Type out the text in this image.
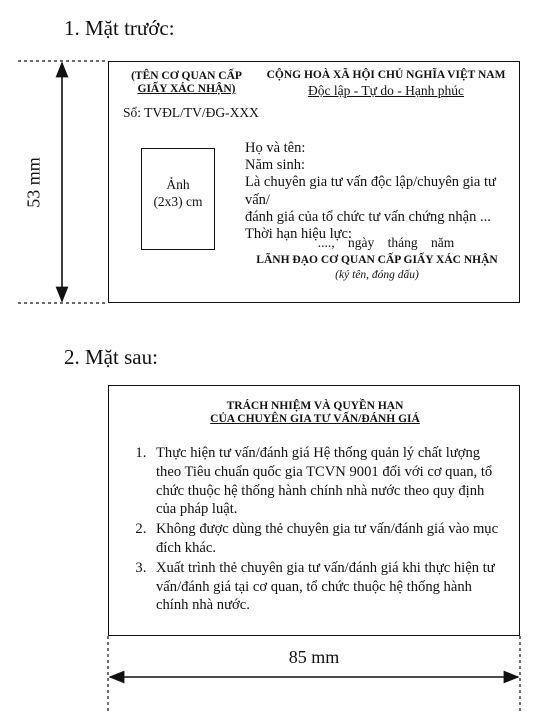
1. Mặt trước:
53 mm
(TÊN CƠ QUAN CẤP
GIẤY XÁC NHẬN)
CỘNG HOÀ XÃ HỘI CHỦ NGHĨA VIỆT NAM
Độc lập - Tự do - Hạnh phúc
Số: TVĐL/TV/ĐG-XXX
Ảnh
(2x3) cm
Họ và tên:
Năm sinh:
Là chuyên gia tư vấn độc lập/chuyên gia tư vấn/
đánh giá của tổ chức tư vấn chứng nhận ...
Thời hạn hiệu lực:
...., ngày tháng năm
LÃNH ĐẠO CƠ QUAN CẤP GIẤY XÁC NHẬN
(ký tên, đóng dấu)
2. Mặt sau:
TRÁCH NHIỆM VÀ QUYỀN HẠN
CỦA CHUYÊN GIA TƯ VẤN/ĐÁNH GIÁ
1. Thực hiện tư vấn/đánh giá Hệ thống quản lý chất lượng theo Tiêu chuẩn quốc gia TCVN 9001 đối với cơ quan, tổ chức thuộc hệ thống hành chính nhà nước theo quy định của pháp luật.
2. Không được dùng thẻ chuyên gia tư vấn/đánh giá vào mục đích khác.
3. Xuất trình thẻ chuyên gia tư vấn/đánh giá khi thực hiện tư vấn/đánh giá tại cơ quan, tổ chức thuộc hệ thống hành chính nhà nước.
85 mm
